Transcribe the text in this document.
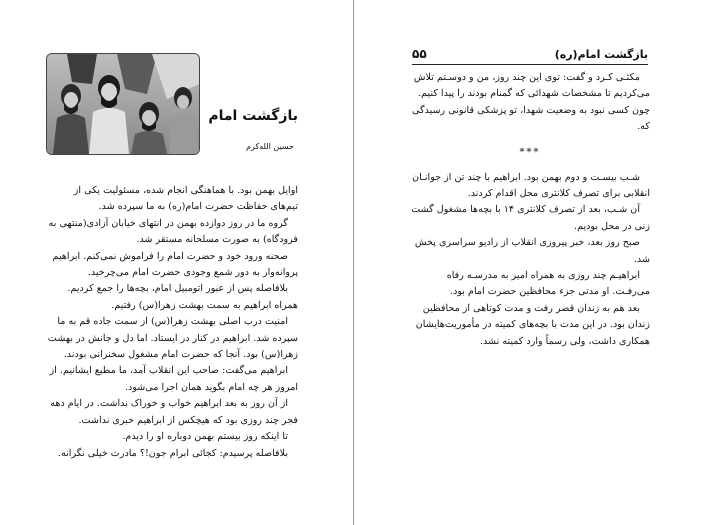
بازگشت امام
حسین الله‌کرم

اوایل بهمن بود. با هماهنگی انجام شده، مسئولیت یکی از تیم‌های حفاظت حضرت امام(ره) به ما سپرده شد.

گروه ما در روز دوازده بهمن در انتهای خیابان آزادی(منتهی به فرودگاه) به صورت مسلحانه مستقر شد.

صحنه ورود خود و حضرت امام را فراموش نمی‌کنم. ابراهیم پروانه‌وار به دور شمع وجودی حضرت امام می‌چرخید.

بلافاصله پس از عبور اتومبیل امام، بچه‌ها را جمع کردیم. همراه ابراهیم به سمت بهشت زهرا(س) رفتیم.

امنیت درب اصلی بهشت زهرا(س) از سمت جاده قم به ما سپرده شد. ابراهیم در کنار در ایستاد. اما دل و جانش در بهشت زهرا(س) بود. آنجا که حضرت امام مشغول سخنرانی بودند.

ابراهیم می‌گفت: صاحب این انقلاب آمد، ما مطیع ایشانیم. از امروز هر چه امام بگوید همان اجرا می‌شود.

از آن روز به بعد ابراهیم خواب و خوراک نداشت. در ایام دهه فجر چند روزی بود که هیچکس از ابراهیم خبری نداشت.

تا اینکه روز بیستم بهمن دوباره او را دیدم.

بلافاصله پرسیدم: کجائی ابرام جون!؟ مادرت خیلی نگرانه.

بازگشت امام(ره)
۵۵

مکثـی کـرد و گفت: توی این چند روز، من و دوسـتم تلاش می‌کردیم تا مشخصات شهدائی که گمنام بودند را پیدا کنیم. چون کسی نبود به وضعیت شهدا، تو پزشکی قانونی رسیدگی که.

***

شـب بیسـت و دوم بهمن بود. ابراهیم با چند تن از جوانـان انقلابی برای تصرف کلانتری محل اقدام کردند.

آن شـب، بعد از تصرف کلانتری ۱۴ با بچه‌ها مشغول گشت زنی در محل بودیم.

صبح روز بعد، خبر پیروزی انقلاب از رادیو سراسری پخش شد.

ابراهیـم چند روزی به همراه امیر به مدرسـه رفاه می‌رفـت. او مدتی جزء محافظین حضرت امام بود.

بعد هم به زندان قصر رفت و مدت کوتاهی از محافظین زندان بود. در این مدت با بچه‌های کمیته در مأموریت‌هایشان همکاری داشت، ولی رسماً وارد کمیته نشد.
